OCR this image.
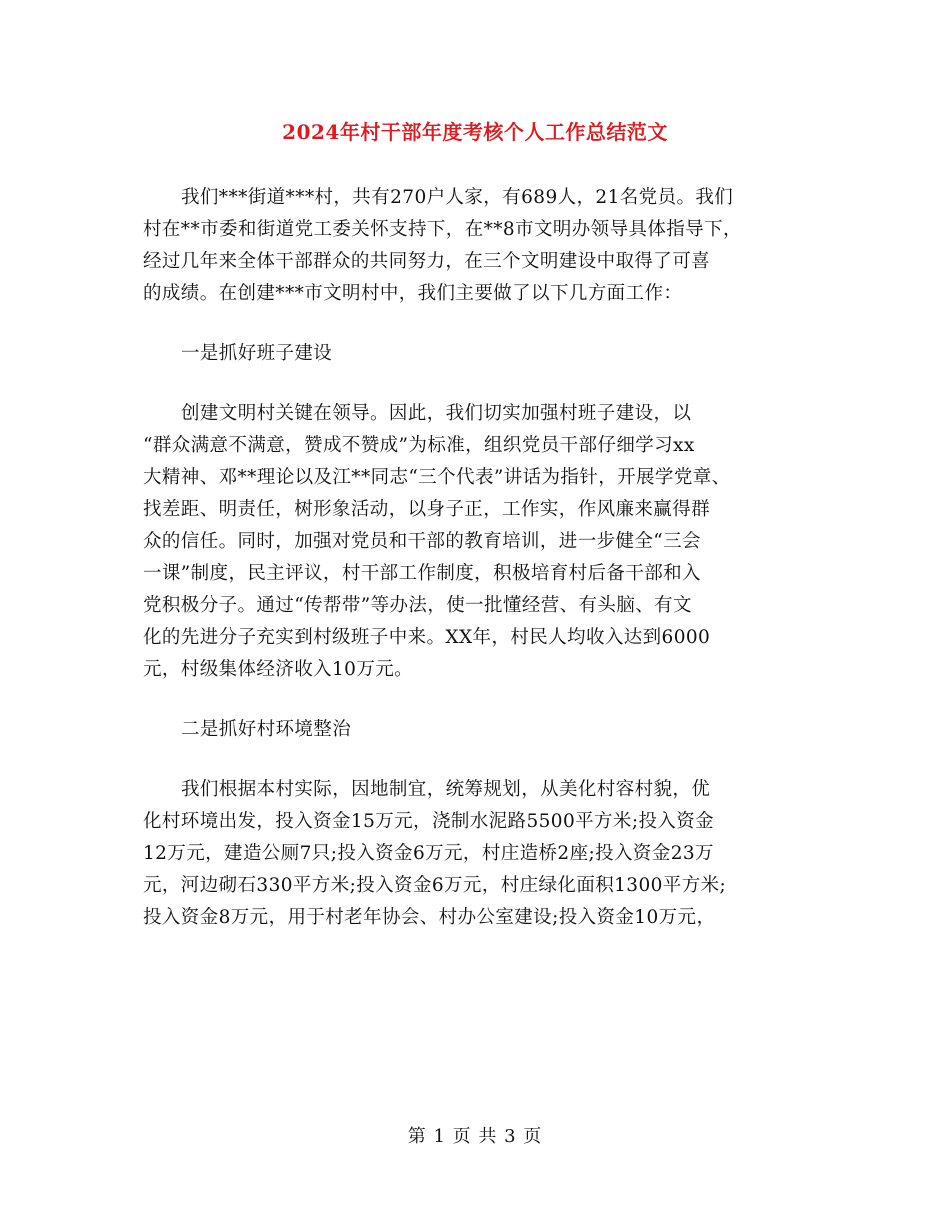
2024年村干部年度考核个人工作总结范文
我们***街道***村，共有270户人家，有689人，21名党员。我们
村在**市委和街道党工委关怀支持下，在**8市文明办领导具体指导下，
经过几年来全体干部群众的共同努力，在三个文明建设中取得了可喜
的成绩。在创建***市文明村中，我们主要做了以下几方面工作：
一是抓好班子建设
创建文明村关键在领导。因此，我们切实加强村班子建设，以
“群众满意不满意，赞成不赞成”为标准，组织党员干部仔细学习xx
大精神、邓**理论以及江**同志“三个代表”讲话为指针，开展学党章、
找差距、明责任，树形象活动，以身子正，工作实，作风廉来赢得群
众的信任。同时，加强对党员和干部的教育培训，进一步健全“三会
一课”制度，民主评议，村干部工作制度，积极培育村后备干部和入
党积极分子。通过“传帮带”等办法，使一批懂经营、有头脑、有文
化的先进分子充实到村级班子中来。XX年，村民人均收入达到6000
元，村级集体经济收入10万元。
二是抓好村环境整治
我们根据本村实际，因地制宜，统筹规划，从美化村容村貌，优
化村环境出发，投入资金15万元，浇制水泥路5500平方米;投入资金
12万元，建造公厕7只;投入资金6万元，村庄造桥2座;投入资金23万
元，河边砌石330平方米;投入资金6万元，村庄绿化面积1300平方米;
投入资金8万元，用于村老年协会、村办公室建设;投入资金10万元，
第 1 页 共 3 页
